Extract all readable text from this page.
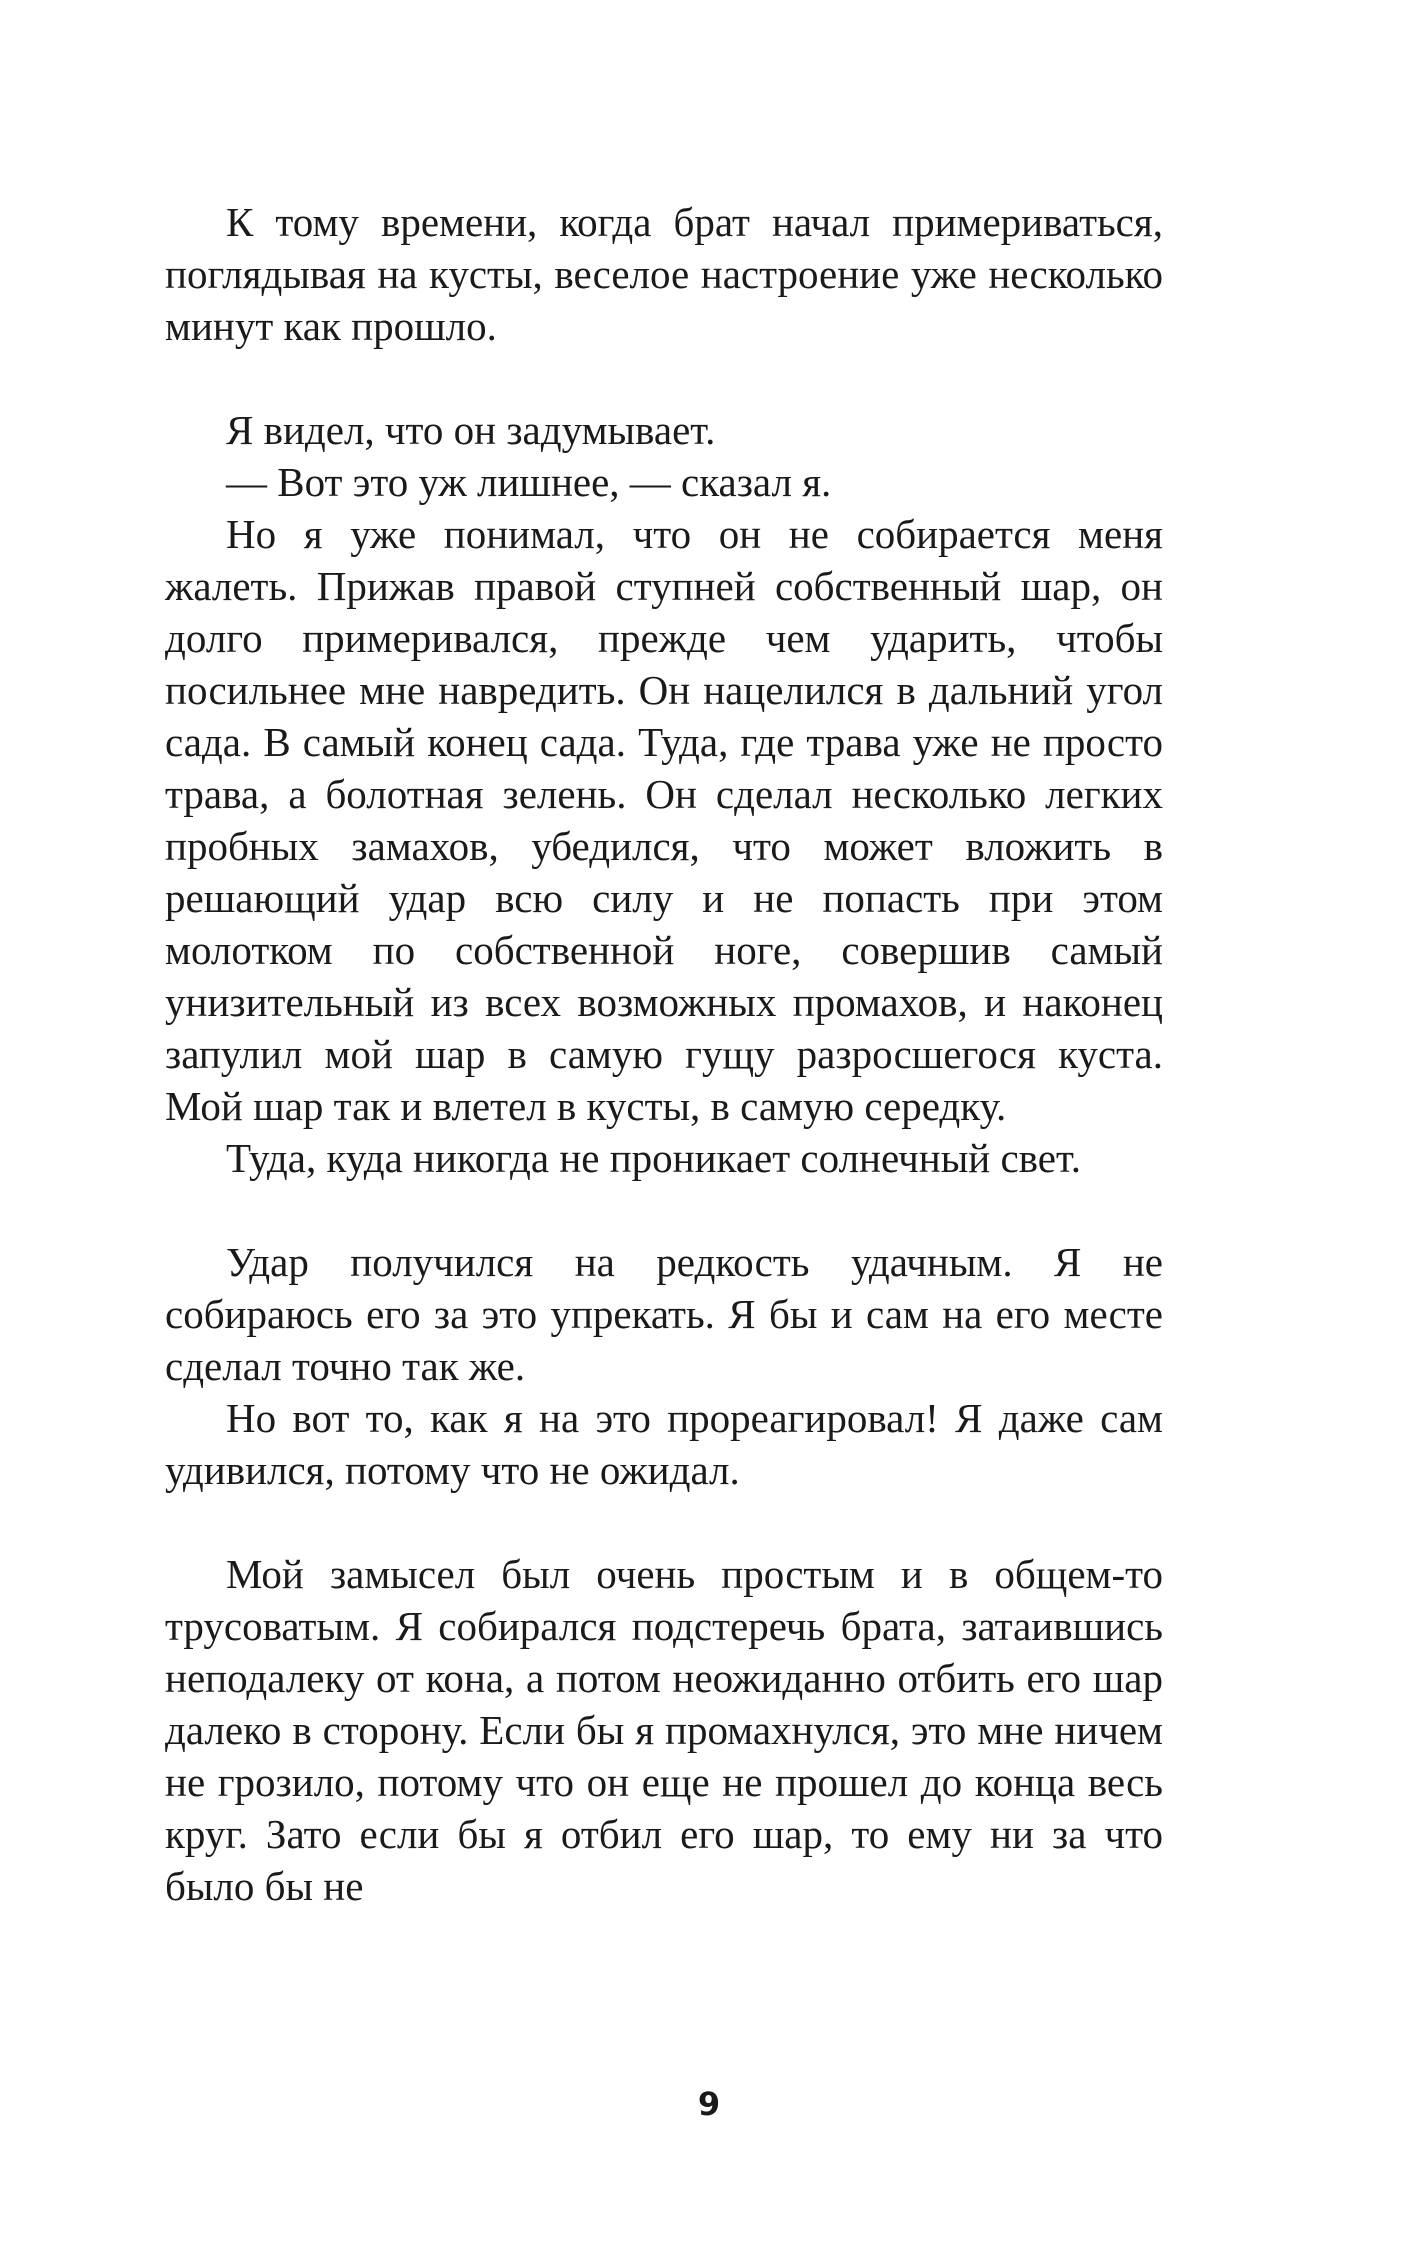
К тому времени, когда брат начал примериваться, поглядывая на кусты, веселое настроение уже несколько минут как прошло.

Я видел, что он задумывает.

— Вот это уж лишнее, — сказал я.

Но я уже понимал, что он не собирается меня жалеть. Прижав правой ступней собственный шар, он долго примеривался, прежде чем ударить, чтобы посильнее мне навредить. Он нацелился в дальний угол сада. В самый конец сада. Туда, где трава уже не просто трава, а болотная зелень. Он сделал несколько легких пробных замахов, убедился, что может вложить в решающий удар всю силу и не попасть при этом молотком по собственной ноге, совершив самый унизительный из всех возможных промахов, и наконец запулил мой шар в самую гущу разросшегося куста. Мой шар так и влетел в кусты, в самую середку.

Туда, куда никогда не проникает солнечный свет.

Удар получился на редкость удачным. Я не собираюсь его за это упрекать. Я бы и сам на его месте сделал точно так же.

Но вот то, как я на это прореагировал! Я даже сам удивился, потому что не ожидал.

Мой замысел был очень простым и в общем-то трусоватым. Я собирался подстеречь брата, затаившись неподалеку от кона, а потом неожиданно отбить его шар далеко в сторону. Если бы я промахнулся, это мне ничем не грозило, потому что он еще не прошел до конца весь круг. Зато если бы я отбил его шар, то ему ни за что было бы не

9
